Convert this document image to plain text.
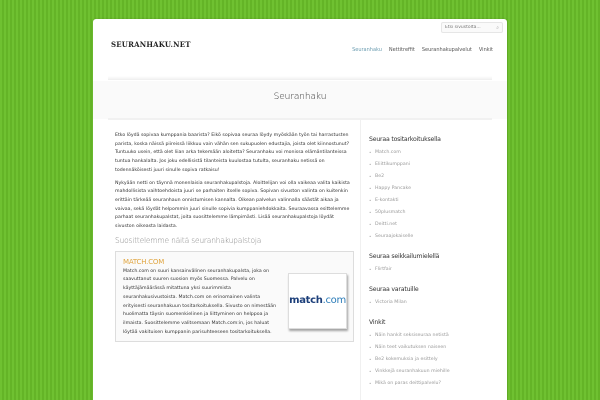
Etsi sivustolta...
⌕
SEURANHAKU.NET
Seuranhaku Nettitreffit Seuranhakupalvelut Vinkit
Seuranhaku

Etko löydä sopivaa kumppania baarista? Eikö sopivaa seuraa löydy myöskään työn tai harrastusten parista, koska näissä piireissä liikkuu vain vähän sen sukupuolen edustajia, joista olet kiinnostunut? Tuntuuko usein, että olet liian arka tekemään aloitetta? Seuranhaku voi monissa elämäntilanteissa tuntua hankalalta. Jos joku edellisistä tilanteista kuulostaa tutulta, seuranhaku netissä on todennäköisesti juuri sinulle sopiva ratkaisu!

Nykyään netti on täynnä monenlaisia seuranhakupalstoja. Aloittelijan voi olla vaikeaa valita kaikista mahdollisista vaihtoehdoista juuri se parhaiten itselle sopiva. Sopivan sivuston valinta on kuitenkin erittäin tärkeää seuranhaun onnistumisen kannalta. Oikean palvelun valinnalla säästät aikaa ja vaivaa, sekä löydät helpommin juuri sinulle sopivia kumppaniehdokkaita. Seuraavassa esittelemme parhaat seuranhakupalstat, joita suosittelemme lämpimästi. Lisää seuranhakupalstoja löydät sivuston oikeasta laidasta.

Suosittelemme näitä seuranhakupalstoja
MATCH.COM
match .com
Match.com on suuri kansainvälinen seuranhakupalsta, joka on saavuttanut suuren suosion myös Suomessa. Palvelu on käyttäjämäärässä mitattuna yksi suurimmista seuranhakusivustoista. Match.com on erinomainen valinta erityisesti seuranhakuun tositarkoituksella. Sivusto on nimestään huolimatta täysin suomenkielinen ja liittyminen on helppoa ja ilmaista. Suosittelemme valitsemaan Match.com:in, jos haluat löytää vakituisen kumppanin parisuhteeseen tositarkoituksella.
Seuraa tositarkoituksella
• Match.com
• Eliittikumppani
• Be2
• Happy Pancake
• E-kontakti
• 50plusmatch
• Deitti.net
• Seuraajokaiselle
Seuraa seikkailumielellä
• Flirtfair
Seuraa varatuille
• Victoria Milan
Vinkit
• Näin hankit seksiseuraa netistä
• Näin teet vaikutuksen naiseen
• Be2 kokemuksia ja esittely
• Vinkkejä seuranhakuun miehille
• Mikä on paras deittipalvelu?
